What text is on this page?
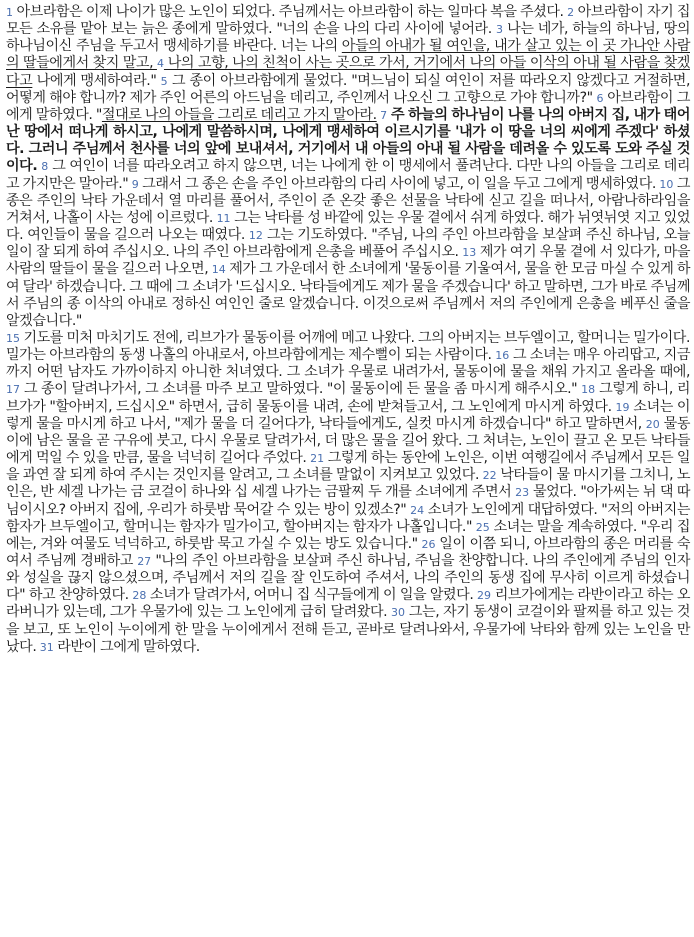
1 아브라함은 이제 나이가 많은 노인이 되었다. 주님께서는 아브라함이 하는 일마다 복을 주셨다. 2 아브라함이 자기 집 모든 소유를 맡아 보는 늙은 종에게 말하였다. "너의 손을 나의 다리 사이에 넣어라. 3 나는 네가, 하늘의 하나님, 땅의 하나님이신 주님을 두고서 맹세하기를 바란다. 너는 나의 아들의 아내가 될 여인을, 내가 살고 있는 이 곳 가나안 사람의 딸들에게서 찾지 말고, 4 나의 고향, 나의 친척이 사는 곳으로 가서, 거기에서 나의 아들 이삭의 아내 될 사람을 찾겠다고 나에게 맹세하여라." 5 그 종이 아브라함에게 물었다. "며느님이 되실 여인이 저를 따라오지 않겠다고 거절하면, 어떻게 해야 합니까? 제가 주인 어른의 아드님을 데리고, 주인께서 나오신 그 고향으로 가야 합니까?" 6 아브라함이 그에게 말하였다. "절대로 나의 아들을 그리로 데리고 가지 말아라. 7 주 하늘의 하나님이 나를 나의 아버지 집, 내가 태어난 땅에서 떠나게 하시고, 나에게 말씀하시며, 나에게 맹세하여 이르시기를 '내가 이 땅을 너의 씨에게 주겠다' 하셨다. 그러니 주님께서 천사를 너의 앞에 보내셔서, 거기에서 내 아들의 아내 될 사람을 데려올 수 있도록 도와 주실 것이다. 8 그 여인이 너를 따라오려고 하지 않으면, 너는 나에게 한 이 맹세에서 풀려난다. 다만 나의 아들을 그리로 데리고 가지만은 말아라." 9 그래서 그 종은 손을 주인 아브라함의 다리 사이에 넣고, 이 일을 두고 그에게 맹세하였다. 10 그 종은 주인의 낙타 가운데서 열 마리를 풀어서, 주인이 준 온갖 좋은 선물을 낙타에 싣고 길을 떠나서, 아람나하라임을 거쳐서, 나홀이 사는 성에 이르렀다. 11 그는 낙타를 성 바깥에 있는 우물 곁에서 쉬게 하였다. 해가 뉘엿뉘엿 지고 있었다. 여인들이 물을 길으러 나오는 때였다. 12 그는 기도하였다. "주님, 나의 주인 아브라함을 보살펴 주신 하나님, 오늘 일이 잘 되게 하여 주십시오. 나의 주인 아브라함에게 은총을 베풀어 주십시오. 13 제가 여기 우물 곁에 서 있다가, 마을 사람의 딸들이 물을 길으러 나오면, 14 제가 그 가운데서 한 소녀에게 '물동이를 기울여서, 물을 한 모금 마실 수 있게 하여 달라' 하겠습니다. 그 때에 그 소녀가 '드십시오. 낙타들에게도 제가 물을 주겠습니다' 하고 말하면, 그가 바로 주님께서 주님의 종 이삭의 아내로 정하신 여인인 줄로 알겠습니다. 이것으로써 주님께서 저의 주인에게 은총을 베푸신 줄을 알겠습니다."

15 기도를 미처 마치기도 전에, 리브가가 물동이를 어깨에 메고 나왔다. 그의 아버지는 브두엘이고, 할머니는 밀가이다. 밀가는 아브라함의 동생 나홀의 아내로서, 아브라함에게는 제수뻘이 되는 사람이다. 16 그 소녀는 매우 아리땁고, 지금까지 어떤 남자도 가까이하지 아니한 처녀였다. 그 소녀가 우물로 내려가서, 물동이에 물을 채워 가지고 올라올 때에, 17 그 종이 달려나가서, 그 소녀를 마주 보고 말하였다. "이 물동이에 든 물을 좀 마시게 해주시오." 18 그렇게 하니, 리브가가 "할아버지, 드십시오" 하면서, 급히 물동이를 내려, 손에 받쳐들고서, 그 노인에게 마시게 하였다. 19 소녀는 이렇게 물을 마시게 하고 나서, "제가 물을 더 길어다가, 낙타들에게도, 실컷 마시게 하겠습니다" 하고 말하면서, 20 물동이에 남은 물을 곧 구유에 붓고, 다시 우물로 달려가서, 더 많은 물을 길어 왔다. 그 처녀는, 노인이 끌고 온 모든 낙타들에게 먹일 수 있을 만큼, 물을 넉넉히 길어다 주었다. 21 그렇게 하는 동안에 노인은, 이번 여행길에서 주님께서 모든 일을 과연 잘 되게 하여 주시는 것인지를 알려고, 그 소녀를 말없이 지켜보고 있었다. 22 낙타들이 물 마시기를 그치니, 노인은, 반 세겔 나가는 금 코걸이 하나와 십 세겔 나가는 금팔찌 두 개를 소녀에게 주면서 23 물었다. "아가씨는 뉘 댁 따님이시오? 아버지 집에, 우리가 하룻밤 묵어갈 수 있는 방이 있겠소?" 24 소녀가 노인에게 대답하였다. "저의 아버지는 함자가 브두엘이고, 할머니는 함자가 밀가이고, 할아버지는 함자가 나홀입니다." 25 소녀는 말을 계속하였다. "우리 집에는, 겨와 여물도 넉넉하고, 하룻밤 묵고 가실 수 있는 방도 있습니다." 26 일이 이쯤 되니, 아브라함의 종은 머리를 숙여서 주님께 경배하고 27 "나의 주인 아브라함을 보살펴 주신 하나님, 주님을 찬양합니다. 나의 주인에게 주님의 인자와 성실을 끊지 않으셨으며, 주님께서 저의 길을 잘 인도하여 주셔서, 나의 주인의 동생 집에 무사히 이르게 하셨습니다" 하고 찬양하였다. 28 소녀가 달려가서, 어머니 집 식구들에게 이 일을 알렸다. 29 리브가에게는 라반이라고 하는 오라버니가 있는데, 그가 우물가에 있는 그 노인에게 급히 달려왔다. 30 그는, 자기 동생이 코걸이와 팔찌를 하고 있는 것을 보고, 또 노인이 누이에게 한 말을 누이에게서 전해 듣고, 곧바로 달려나와서, 우물가에 낙타와 함께 있는 노인을 만났다. 31 라반이 그에게 말하였다.
